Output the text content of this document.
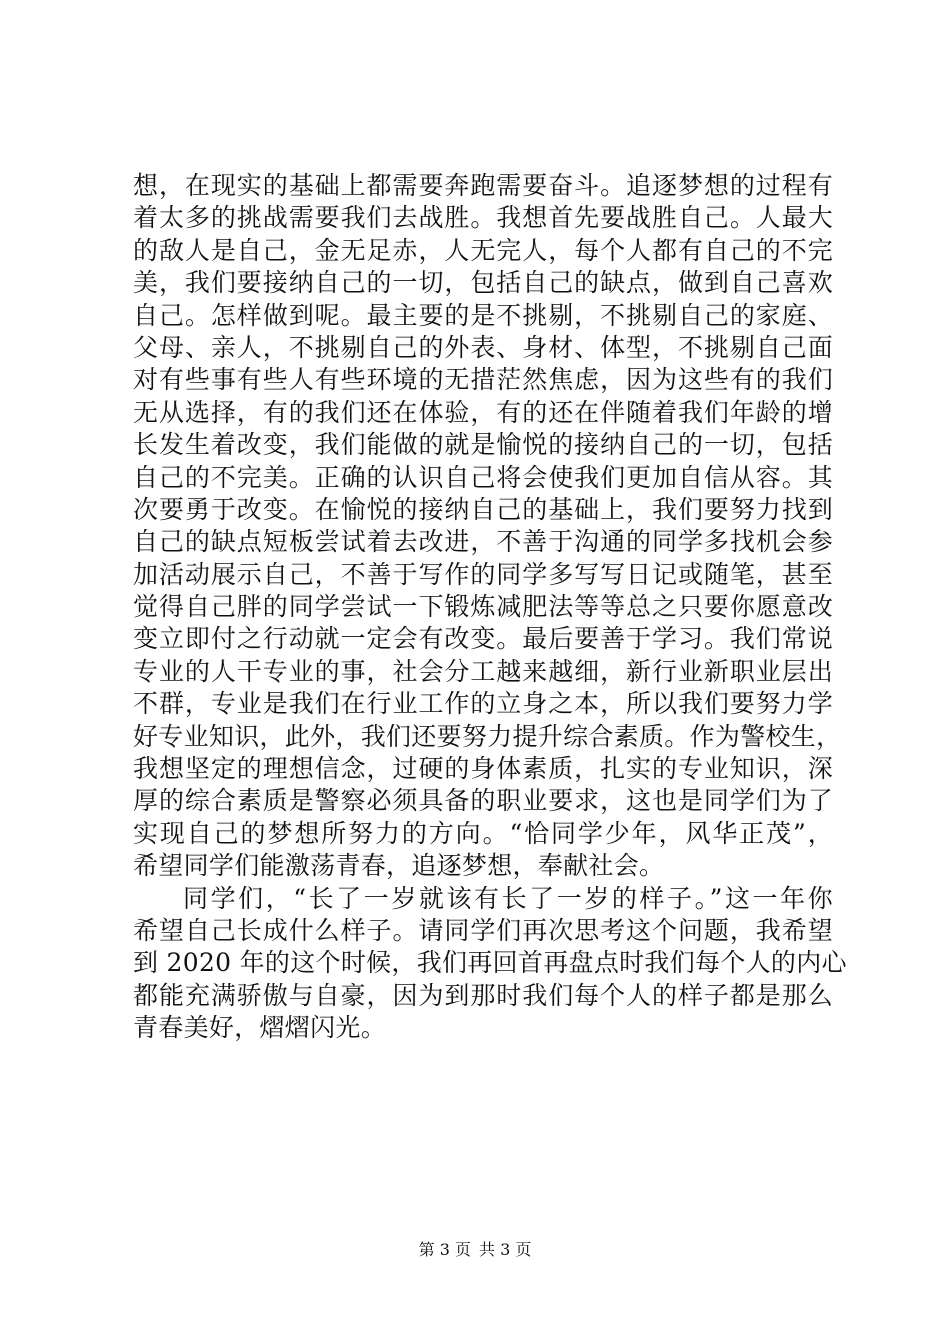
想，在现实的基础上都需要奔跑需要奋斗。追逐梦想的过程有
着太多的挑战需要我们去战胜。我想首先要战胜自己。人最大
的敌人是自己，金无足赤，人无完人，每个人都有自己的不完
美，我们要接纳自己的一切，包括自己的缺点，做到自己喜欢
自己。怎样做到呢。最主要的是不挑剔，不挑剔自己的家庭、
父母、亲人，不挑剔自己的外表、身材、体型，不挑剔自己面
对有些事有些人有些环境的无措茫然焦虑，因为这些有的我们
无从选择，有的我们还在体验，有的还在伴随着我们年龄的增
长发生着改变，我们能做的就是愉悦的接纳自己的一切，包括
自己的不完美。正确的认识自己将会使我们更加自信从容。其
次要勇于改变。在愉悦的接纳自己的基础上，我们要努力找到
自己的缺点短板尝试着去改进，不善于沟通的同学多找机会参
加活动展示自己，不善于写作的同学多写写日记或随笔，甚至
觉得自己胖的同学尝试一下锻炼减肥法等等总之只要你愿意改
变立即付之行动就一定会有改变。最后要善于学习。我们常说
专业的人干专业的事，社会分工越来越细，新行业新职业层出
不群，专业是我们在行业工作的立身之本，所以我们要努力学
好专业知识，此外，我们还要努力提升综合素质。作为警校生，
我想坚定的理想信念，过硬的身体素质，扎实的专业知识，深
厚的综合素质是警察必须具备的职业要求，这也是同学们为了
实现自己的梦想所努力的方向。“恰同学少年，风华正茂”，
希望同学们能激荡青春，追逐梦想，奉献社会。
同学们，“长了一岁就该有长了一岁的样子。”这一年你
希望自己长成什么样子。请同学们再次思考这个问题，我希望
到 2020 年的这个时候，我们再回首再盘点时我们每个人的内心
都能充满骄傲与自豪，因为到那时我们每个人的样子都是那么
青春美好，熠熠闪光。
第 3 页 共 3 页
